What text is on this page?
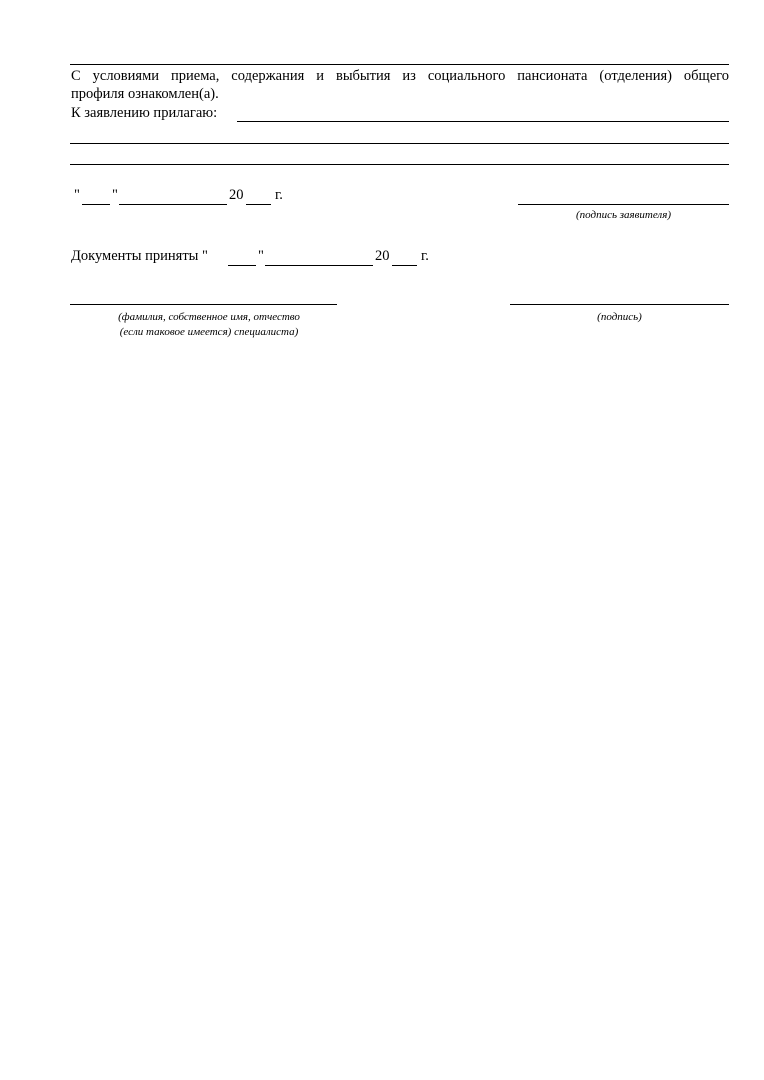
С условиями приема, содержания и выбытия из социального пансионата (отделения) общего
профиля ознакомлен(а).
К заявлению прилагаю:
" "	20 г.
(подпись заявителя)
Документы приняты "	"	20 г.
(фамилия, собственное имя, отчество
(если таковое имеется) специалиста)
(подпись)
